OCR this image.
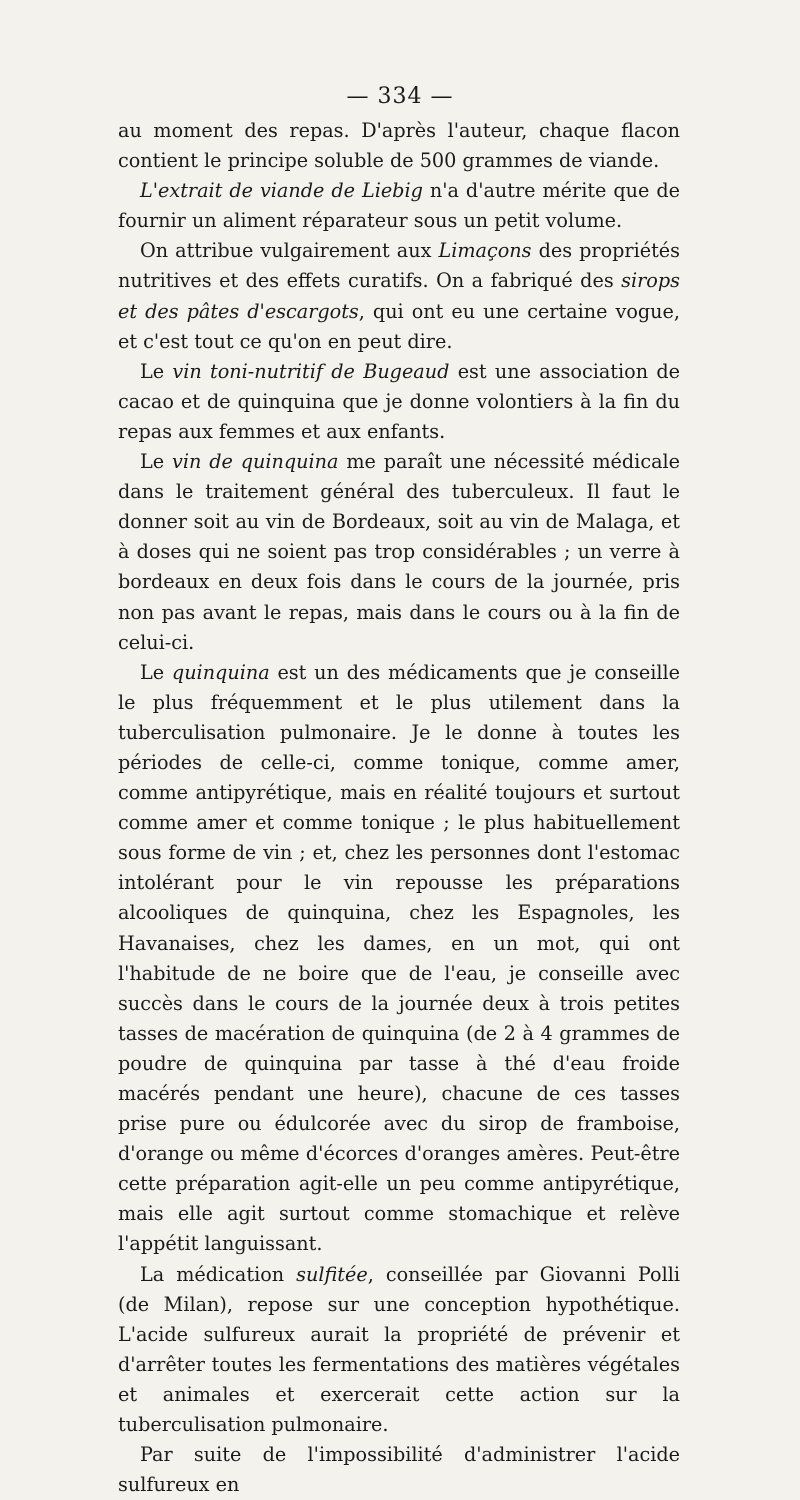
— 334 —

au moment des repas. D'après l'auteur, chaque flacon contient le principe soluble de 500 grammes de viande.

L'extrait de viande de Liebig n'a d'autre mérite que de fournir un aliment réparateur sous un petit volume.

On attribue vulgairement aux Limaçons des propriétés nutritives et des effets curatifs. On a fabriqué des sirops et des pâtes d'escargots, qui ont eu une certaine vogue, et c'est tout ce qu'on en peut dire.

Le vin toni-nutritif de Bugeaud est une association de cacao et de quinquina que je donne volontiers à la fin du repas aux femmes et aux enfants.

Le vin de quinquina me paraît une nécessité médicale dans le traitement général des tuberculeux. Il faut le donner soit au vin de Bordeaux, soit au vin de Malaga, et à doses qui ne soient pas trop considérables ; un verre à bordeaux en deux fois dans le cours de la journée, pris non pas avant le repas, mais dans le cours ou à la fin de celui-ci.

Le quinquina est un des médicaments que je conseille le plus fréquemment et le plus utilement dans la tuberculisation pulmonaire. Je le donne à toutes les périodes de celle-ci, comme tonique, comme amer, comme antipyrétique, mais en réalité toujours et surtout comme amer et comme tonique ; le plus habituellement sous forme de vin ; et, chez les personnes dont l'estomac intolérant pour le vin repousse les préparations alcooliques de quinquina, chez les Espagnoles, les Havanaises, chez les dames, en un mot, qui ont l'habitude de ne boire que de l'eau, je conseille avec succès dans le cours de la journée deux à trois petites tasses de macération de quinquina (de 2 à 4 grammes de poudre de quinquina par tasse à thé d'eau froide macérés pendant une heure), chacune de ces tasses prise pure ou édulcorée avec du sirop de framboise, d'orange ou même d'écorces d'oranges amères. Peut-être cette préparation agit-elle un peu comme antipyrétique, mais elle agit surtout comme stomachique et relève l'appétit languissant.

La médication sulfitée, conseillée par Giovanni Polli (de Milan), repose sur une conception hypothétique. L'acide sulfureux aurait la propriété de prévenir et d'arrêter toutes les fermentations des matières végétales et animales et exercerait cette action sur la tuberculisation pulmonaire.

Par suite de l'impossibilité d'administrer l'acide sulfureux en
